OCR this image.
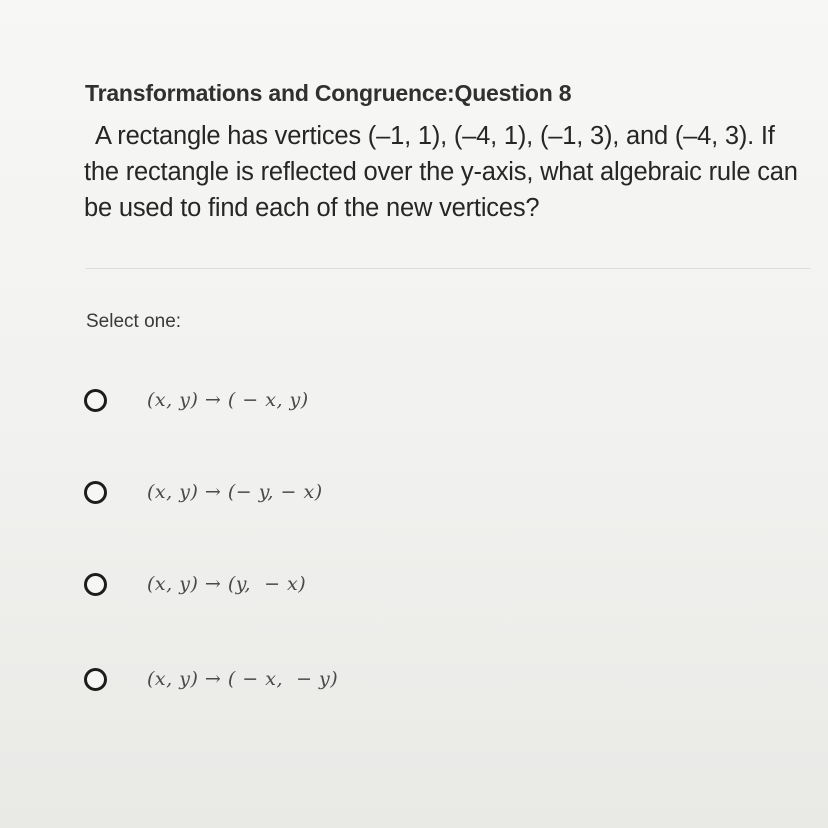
Transformations and Congruence:Question 8
A rectangle has vertices (–1, 1), (–4, 1), (–1, 3), and (–4, 3). If the rectangle is reflected over the y-axis, what algebraic rule can be used to find each of the new vertices?
Select one:
(x, y) → ( − x, y)
(x, y) → (− y, − x)
(x, y) → (y,  − x)
(x, y) → ( − x,  − y)
